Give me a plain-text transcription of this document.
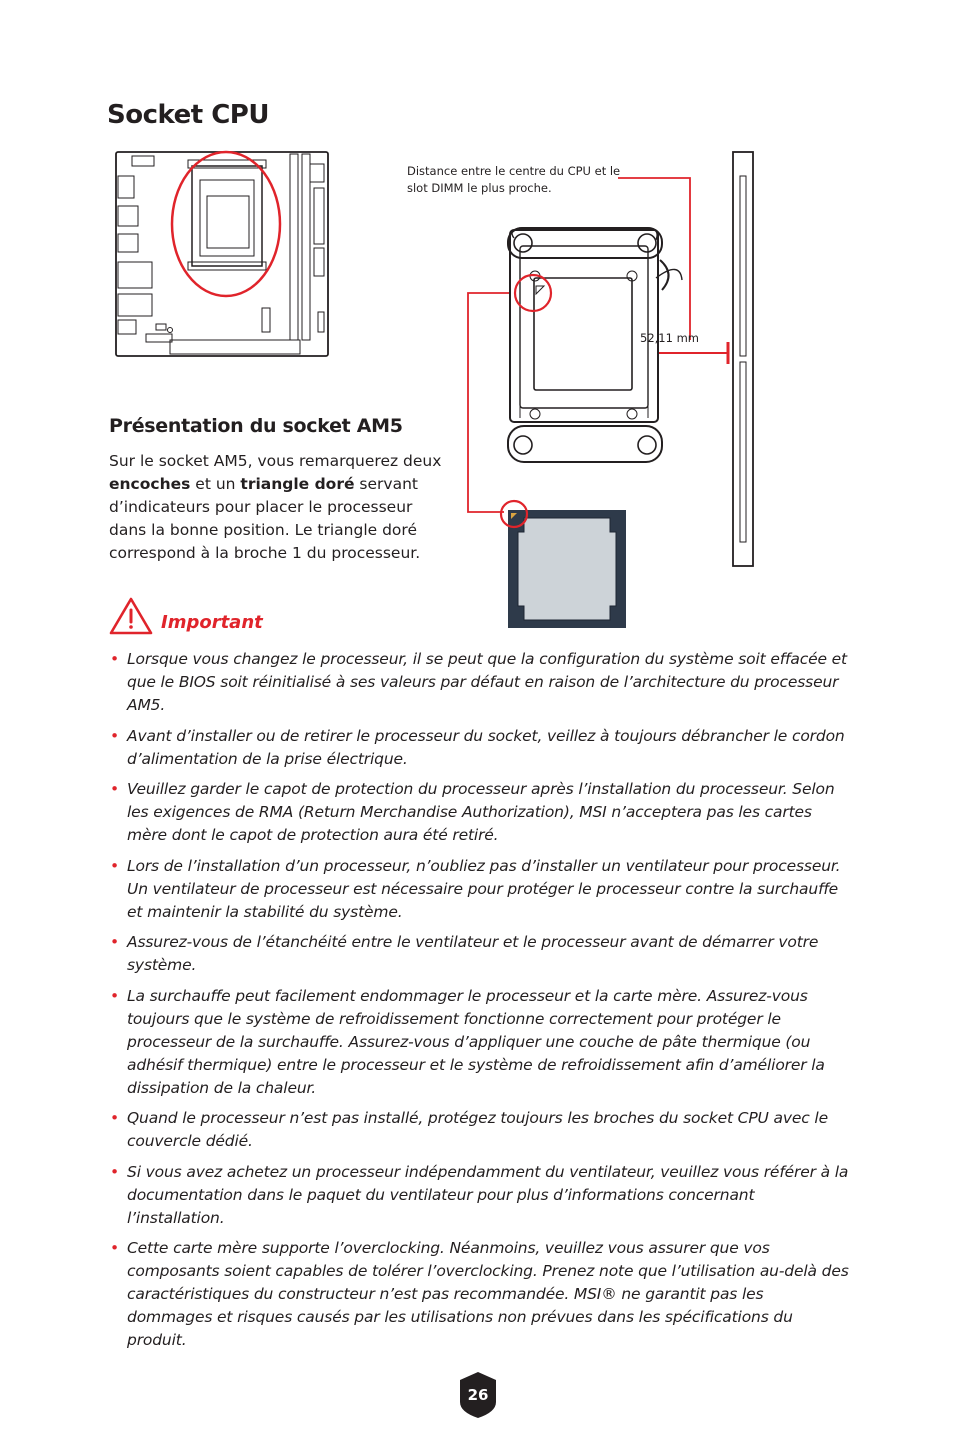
Socket CPU
Distance entre le centre du CPU et le slot DIMM le plus proche.
52,11 mm
Présentation du socket AM5

Sur le socket AM5, vous remarquerez deux encoches et un triangle doré servant d’indicateurs pour placer le processeur dans la bonne position. Le triangle doré correspond à la broche 1 du processeur.

Important
• Lorsque vous changez le processeur, il se peut que la configuration du système soit effacée et que le BIOS soit réinitialisé à ses valeurs par défaut en raison de l’architecture du processeur AM5.
• Avant d’installer ou de retirer le processeur du socket, veillez à toujours débrancher le cordon d’alimentation de la prise électrique.
• Veuillez garder le capot de protection du processeur après l’installation du processeur. Selon les exigences de RMA (Return Merchandise Authorization), MSI n’acceptera pas les cartes mère dont le capot de protection aura été retiré.
• Lors de l’installation d’un processeur, n’oubliez pas d’installer un ventilateur pour processeur. Un ventilateur de processeur est nécessaire pour protéger le processeur contre la surchauffe et maintenir la stabilité du système.
• Assurez-vous de l’étanchéité entre le ventilateur et le processeur avant de démarrer votre système.
• La surchauffe peut facilement endommager le processeur et la carte mère. Assurez-vous toujours que le système de refroidissement fonctionne correctement pour protéger le processeur de la surchauffe. Assurez-vous d’appliquer une couche de pâte thermique (ou adhésif thermique) entre le processeur et le système de refroidissement afin d’améliorer la dissipation de la chaleur.
• Quand le processeur n’est pas installé, protégez toujours les broches du socket CPU avec le couvercle dédié.
• Si vous avez achetez un processeur indépendamment du ventilateur, veuillez vous référer à la documentation dans le paquet du ventilateur pour plus d’informations concernant l’installation.
• Cette carte mère supporte l’overclocking. Néanmoins, veuillez vous assurer que vos composants soient capables de tolérer l’overclocking. Prenez note que l’utilisation au-delà des caractéristiques du constructeur n’est pas recommandée. MSI® ne garantit pas les dommages et risques causés par les utilisations non prévues dans les spécifications du produit.
26
